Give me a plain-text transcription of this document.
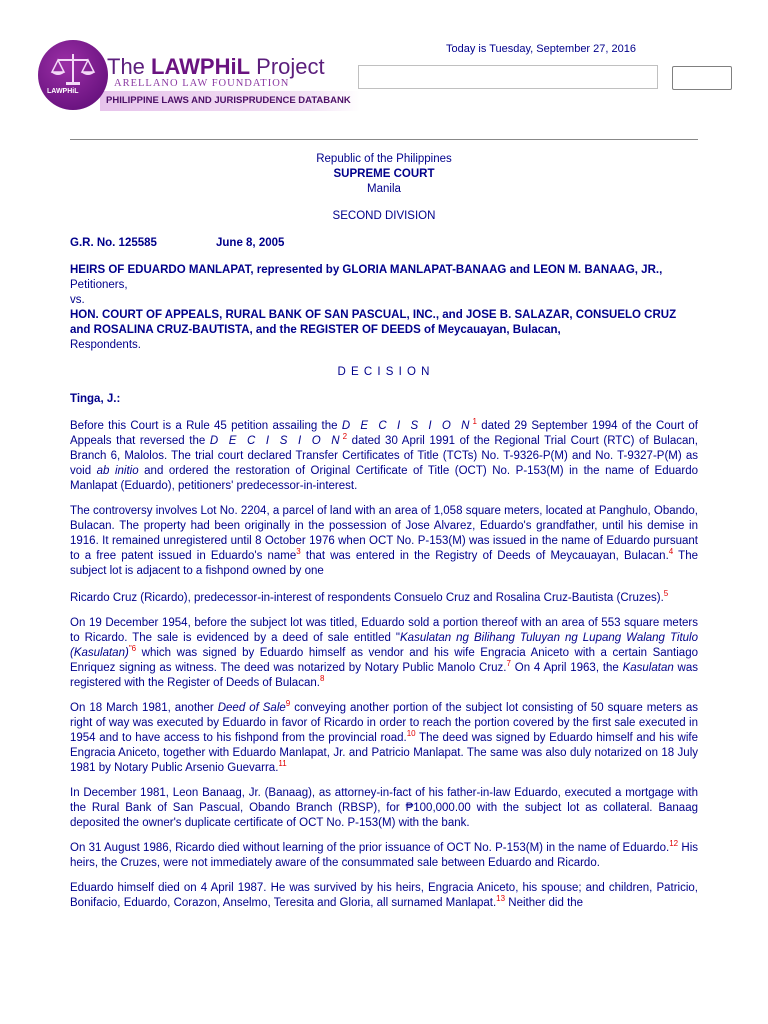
LAWPHiL
The LAWPHiL Project
ARELLANO LAW FOUNDATION
PHILIPPINE LAWS AND JURISPRUDENCE DATABANK
Today is Tuesday, September 27, 2016

Republic of the Philippines

SUPREME COURT

Manila

SECOND DIVISION

G.R. No. 125585	June 8, 2005

HEIRS OF EDUARDO MANLAPAT, represented by GLORIA MANLAPAT-BANAAG and LEON M. BANAAG, JR., Petitioners,

vs.

HON. COURT OF APPEALS, RURAL BANK OF SAN PASCUAL, INC., and JOSE B. SALAZAR, CONSUELO CRUZ and ROSALINA CRUZ-BAUTISTA, and the REGISTER OF DEEDS of Meycauayan, Bulacan,
Respondents.

D E C I S I O N

Tinga, J.:

Before this Court is a Rule 45 petition assailing the D E C I S I O $N^1$ dated 29 September 1994 of the Court of Appeals that reversed the D E C I S I O $N^2$ dated 30 April 1991 of the Regional Trial Court (RTC) of Bulacan, Branch 6, Malolos. The trial court declared Transfer Certificates of Title (TCTs) No. T-9326-P(M) and No. T-9327-P(M) as void ab initio and ordered the restoration of Original Certificate of Title (OCT) No. P-153(M) in the name of Eduardo Manlapat (Eduardo), petitioners' predecessor-in-interest.

The controversy involves Lot No. 2204, a parcel of land with an area of 1,058 square meters, located at Panghulo, Obando, Bulacan. The property had been originally in the possession of Jose Alvarez, Eduardo's grandfather, until his demise in 1916. It remained unregistered until 8 October 1976 when OCT No. P-153(M) was issued in the name of Eduardo pursuant to a free patent issued in Eduardo's name$^3$ that was entered in the Registry of Deeds of Meycauayan, Bulacan.$^4$ The subject lot is adjacent to a fishpond owned by one

Ricardo Cruz (Ricardo), predecessor-in-interest of respondents Consuelo Cruz and Rosalina Cruz-Bautista (Cruzes).$^5$

On 19 December 1954, before the subject lot was titled, Eduardo sold a portion thereof with an area of 553 square meters to Ricardo. The sale is evidenced by a deed of sale entitled "Kasulatan ng Bilihang Tuluyan ng Lupang Walang Titulo (Kasulatan)$^{"6}$ which was signed by Eduardo himself as vendor and his wife Engracia Aniceto with a certain Santiago Enriquez signing as witness. The deed was notarized by Notary Public Manolo Cruz.$^7$ On 4 April 1963, the Kasulatan was registered with the Register of Deeds of Bulacan.$^8$

On 18 March 1981, another Deed of Sale$^9$ conveying another portion of the subject lot consisting of 50 square meters as right of way was executed by Eduardo in favor of Ricardo in order to reach the portion covered by the first sale executed in 1954 and to have access to his fishpond from the provincial road.$^{10}$ The deed was signed by Eduardo himself and his wife Engracia Aniceto, together with Eduardo Manlapat, Jr. and Patricio Manlapat. The same was also duly notarized on 18 July 1981 by Notary Public Arsenio Guevarra.$^{11}$

In December 1981, Leon Banaag, Jr. (Banaag), as attorney-in-fact of his father-in-law Eduardo, executed a mortgage with the Rural Bank of San Pascual, Obando Branch (RBSP), for ₱100,000.00 with the subject lot as collateral. Banaag deposited the owner's duplicate certificate of OCT No. P-153(M) with the bank.

On 31 August 1986, Ricardo died without learning of the prior issuance of OCT No. P-153(M) in the name of Eduardo.$^{12}$ His heirs, the Cruzes, were not immediately aware of the consummated sale between Eduardo and Ricardo.

Eduardo himself died on 4 April 1987. He was survived by his heirs, Engracia Aniceto, his spouse; and children, Patricio, Bonifacio, Eduardo, Corazon, Anselmo, Teresita and Gloria, all surnamed Manlapat.$^{13}$ Neither did the
